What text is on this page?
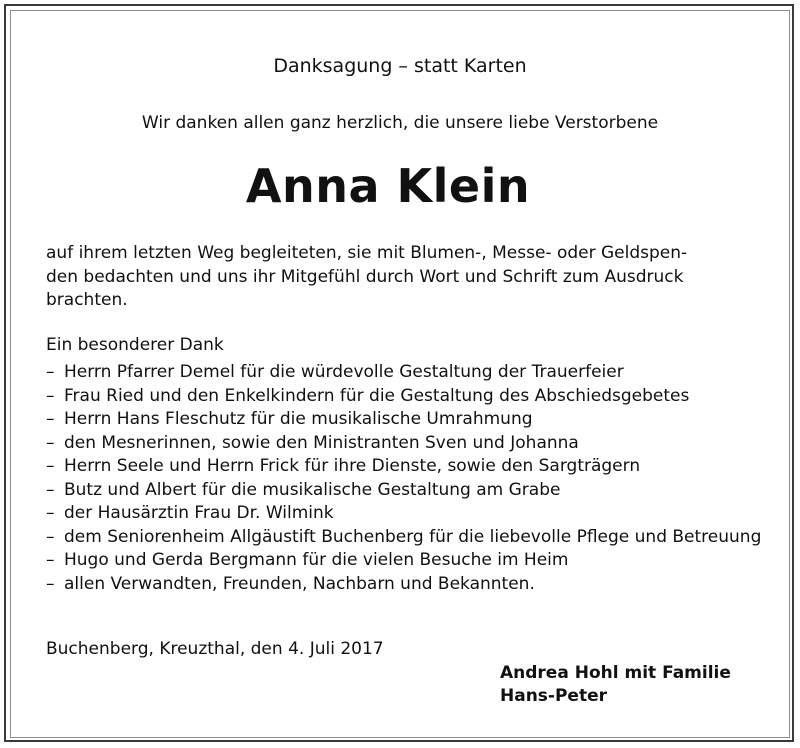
Danksagung – statt Karten
Wir danken allen ganz herzlich, die unsere liebe Verstorbene
Anna Klein
auf ihrem letzten Weg begleiteten, sie mit Blumen-, Messe- oder Geldspen-
den bedachten und uns ihr Mitgefühl durch Wort und Schrift zum Ausdruck
brachten.
Ein besonderer Dank
– Herrn Pfarrer Demel für die würdevolle Gestaltung der Trauerfeier
– Frau Ried und den Enkelkindern für die Gestaltung des Abschiedsgebetes
– Herrn Hans Fleschutz für die musikalische Umrahmung
– den Mesnerinnen, sowie den Ministranten Sven und Johanna
– Herrn Seele und Herrn Frick für ihre Dienste, sowie den Sargträgern
– Butz und Albert für die musikalische Gestaltung am Grabe
– der Hausärztin Frau Dr. Wilmink
– dem Seniorenheim Allgäustift Buchenberg für die liebevolle Pflege und Betreuung
– Hugo und Gerda Bergmann für die vielen Besuche im Heim
– allen Verwandten, Freunden, Nachbarn und Bekannten.
Buchenberg, Kreuzthal, den 4. Juli 2017
Andrea Hohl mit Familie
Hans-Peter
